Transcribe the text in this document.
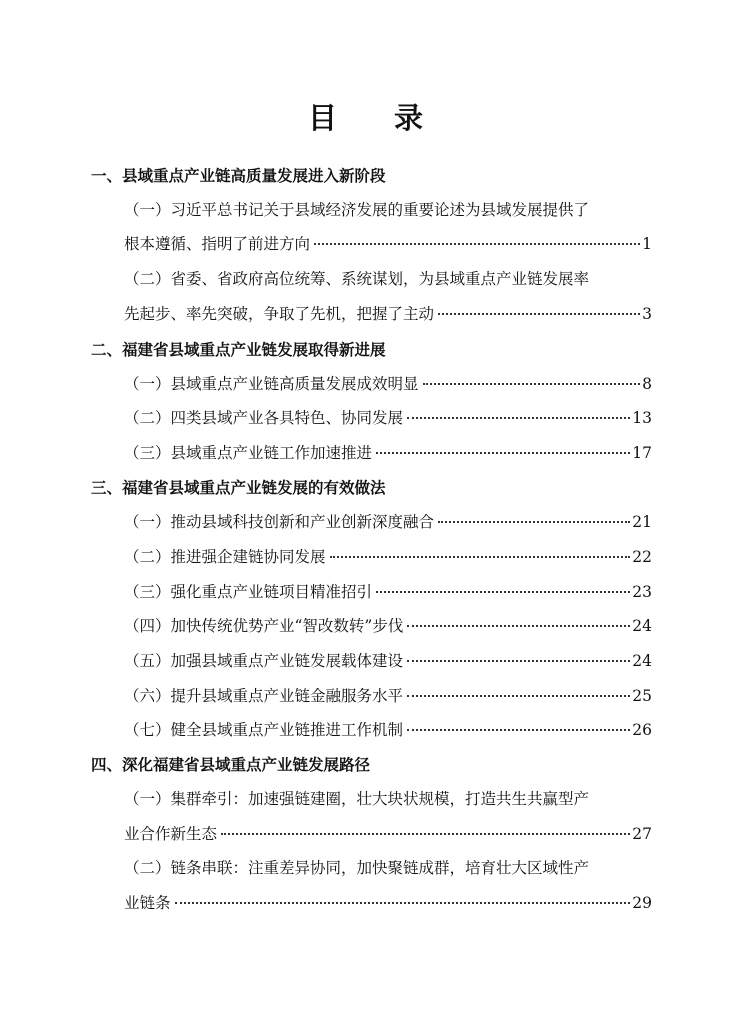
目　录
一、县域重点产业链高质量发展进入新阶段
（一）习近平总书记关于县域经济发展的重要论述为县域发展提供了
根本遵循、指明了前进方向	1
（二）省委、省政府高位统筹、系统谋划，为县域重点产业链发展率
先起步、率先突破，争取了先机，把握了主动	3
二、福建省县域重点产业链发展取得新进展
（一）县域重点产业链高质量发展成效明显	8
（二）四类县域产业各具特色、协同发展	13
（三）县域重点产业链工作加速推进	17
三、福建省县域重点产业链发展的有效做法
（一）推动县域科技创新和产业创新深度融合	21
（二）推进强企建链协同发展	22
（三）强化重点产业链项目精准招引	23
（四）加快传统优势产业“智改数转”步伐	24
（五）加强县域重点产业链发展载体建设	24
（六）提升县域重点产业链金融服务水平	25
（七）健全县域重点产业链推进工作机制	26
四、深化福建省县域重点产业链发展路径
（一）集群牵引：加速强链建圈，壮大块状规模，打造共生共赢型产
业合作新生态	27
（二）链条串联：注重差异协同，加快聚链成群，培育壮大区域性产
业链条	29
